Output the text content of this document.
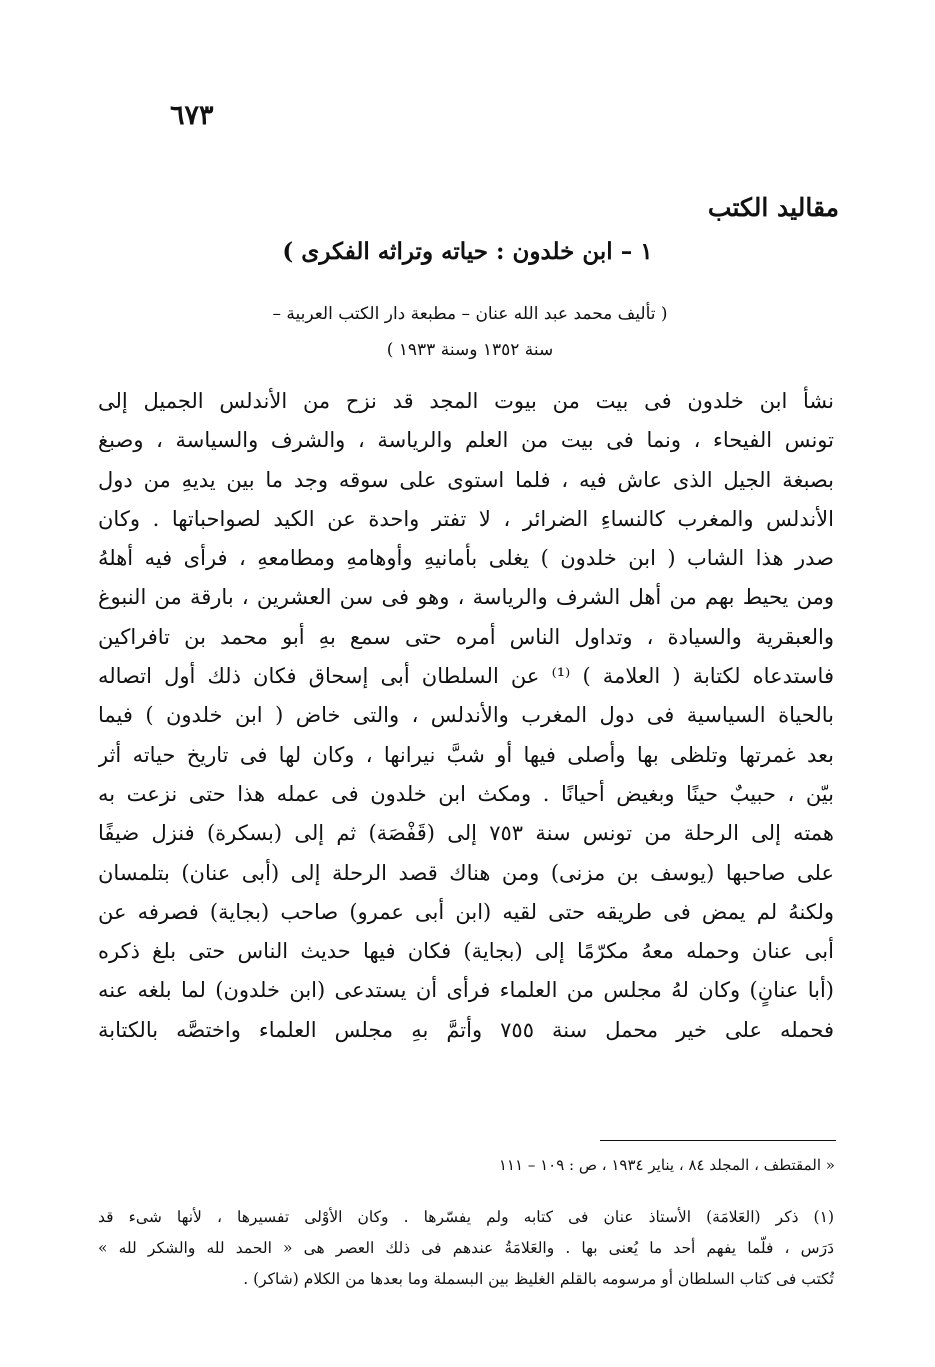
٦٧٣
مقاليد الكتب
١ – ابن خلدون : حياته وتراثه الفكرى )
( تأليف محمد عبد الله عنان – مطبعة دار الكتب العربية –
سنة ١٣٥٢ وسنة ١٩٣٣ )
نشأ ابن خلدون فى بيت من بيوت المجد قد نزح من الأندلس الجميل إلى
تونس الفيحاء ، ونما فى بيت من العلم والرياسة ، والشرف والسياسة ، وصبغ
بصبغة الجيل الذى عاش فيه ، فلما استوى على سوقه وجد ما بين يديهِ من دول
الأندلس والمغرب كالنساءِ الضرائر ، لا تفتر واحدة عن الكيد لصواحباتها . وكان
صدر هذا الشاب ( ابن خلدون ) يغلى بأمانيهِ وأوهامهِ ومطامعهِ ، فرأى فيه أهلهُ
ومن يحيط بهم من أهل الشرف والرياسة ، وهو فى سن العشرين ، بارقة من النبوغ
والعبقرية والسيادة ، وتداول الناس أمره حتى سمع بهِ أبو محمد بن تافراكين
فاستدعاه لكتابة ( العلامة ) ⁽¹⁾ عن السلطان أبى إسحاق فكان ذلك أول اتصاله
بالحياة السياسية فى دول المغرب والأندلس ، والتى خاض ( ابن خلدون ) فيما
بعد غمرتها وتلظى بها وأصلى فيها أو شبَّ نيرانها ، وكان لها فى تاريخ حياته أثر
بيّن ، حبيبٌ حينًا وبغيض أحيانًا . ومكث ابن خلدون فى عمله هذا حتى نزعت به
همته إلى الرحلة من تونس سنة ٧٥٣ إلى (قَفْصَة) ثم إلى (بسكرة) فنزل ضيفًا
على صاحبها (يوسف بن مزنى) ومن هناك قصد الرحلة إلى (أبى عنان) بتلمسان
ولكنهُ لم يمض فى طريقه حتى لقيه (ابن أبى عمرو) صاحب (بجاية) فصرفه عن
أبى عنان وحمله معهُ مكرّمًا إلى (بجاية) فكان فيها حديث الناس حتى بلغ ذكره
(أبا عنانٍ) وكان لهُ مجلس من العلماء فرأى أن يستدعى (ابن خلدون) لما بلغه عنه
فحمله على خير محمل سنة ٧٥٥ وأتمَّ بهِ مجلس العلماء واختصَّه بالكتابة
« المقتطف ، المجلد ٨٤ ، يناير ١٩٣٤ ، ص : ١٠٩ – ١١١
(١) ذكر (العَلامَة) الأستاذ عنان فى كتابه ولم يفسّرها . وكان الأوْلى تفسيرها ، لأنها شىء قد
دَرَس ، فلّما يفهم أحد ما يُعنى بها . والعَلامَةُ عندهم فى ذلك العصر هى « الحمد لله والشكر لله »
تُكتب فى كتاب السلطان أو مرسومه بالقلم الغليظ بين البسملة وما بعدها من الكلام (شاكر) .
